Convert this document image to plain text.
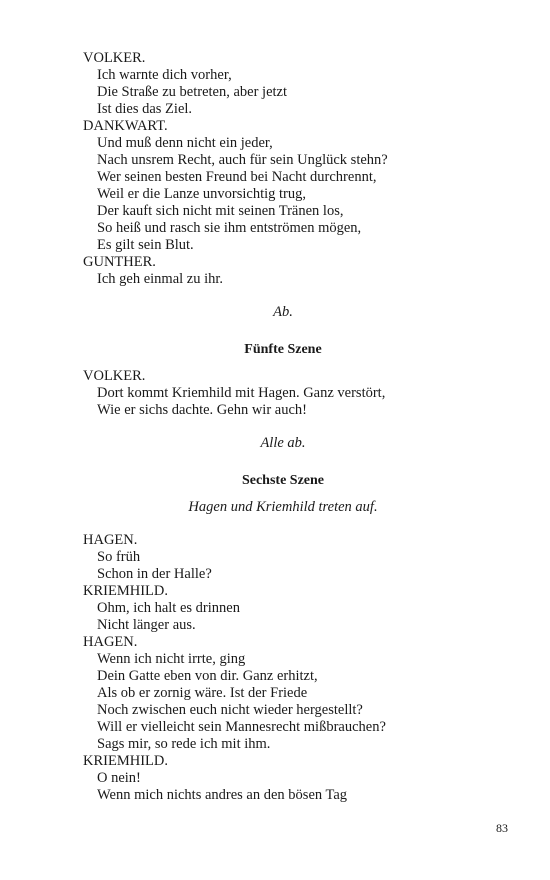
VOLKER.
Ich warnte dich vorher,
Die Straße zu betreten, aber jetzt
Ist dies das Ziel.
DANKWART.
Und muß denn nicht ein jeder,
Nach unsrem Recht, auch für sein Unglück stehn?
Wer seinen besten Freund bei Nacht durchrennt,
Weil er die Lanze unvorsichtig trug,
Der kauft sich nicht mit seinen Tränen los,
So heiß und rasch sie ihm entströmen mögen,
Es gilt sein Blut.
GUNTHER.
Ich geh einmal zu ihr.
Ab.
Fünfte Szene
VOLKER.
Dort kommt Kriemhild mit Hagen. Ganz verstört,
Wie er sichs dachte. Gehn wir auch!
Alle ab.
Sechste Szene
Hagen und Kriemhild treten auf.
HAGEN.
So früh
Schon in der Halle?
KRIEMHILD.
Ohm, ich halt es drinnen
Nicht länger aus.
HAGEN.
Wenn ich nicht irrte, ging
Dein Gatte eben von dir. Ganz erhitzt,
Als ob er zornig wäre. Ist der Friede
Noch zwischen euch nicht wieder hergestellt?
Will er vielleicht sein Mannesrecht mißbrauchen?
Sags mir, so rede ich mit ihm.
KRIEMHILD.
O nein!
Wenn mich nichts andres an den bösen Tag
83
